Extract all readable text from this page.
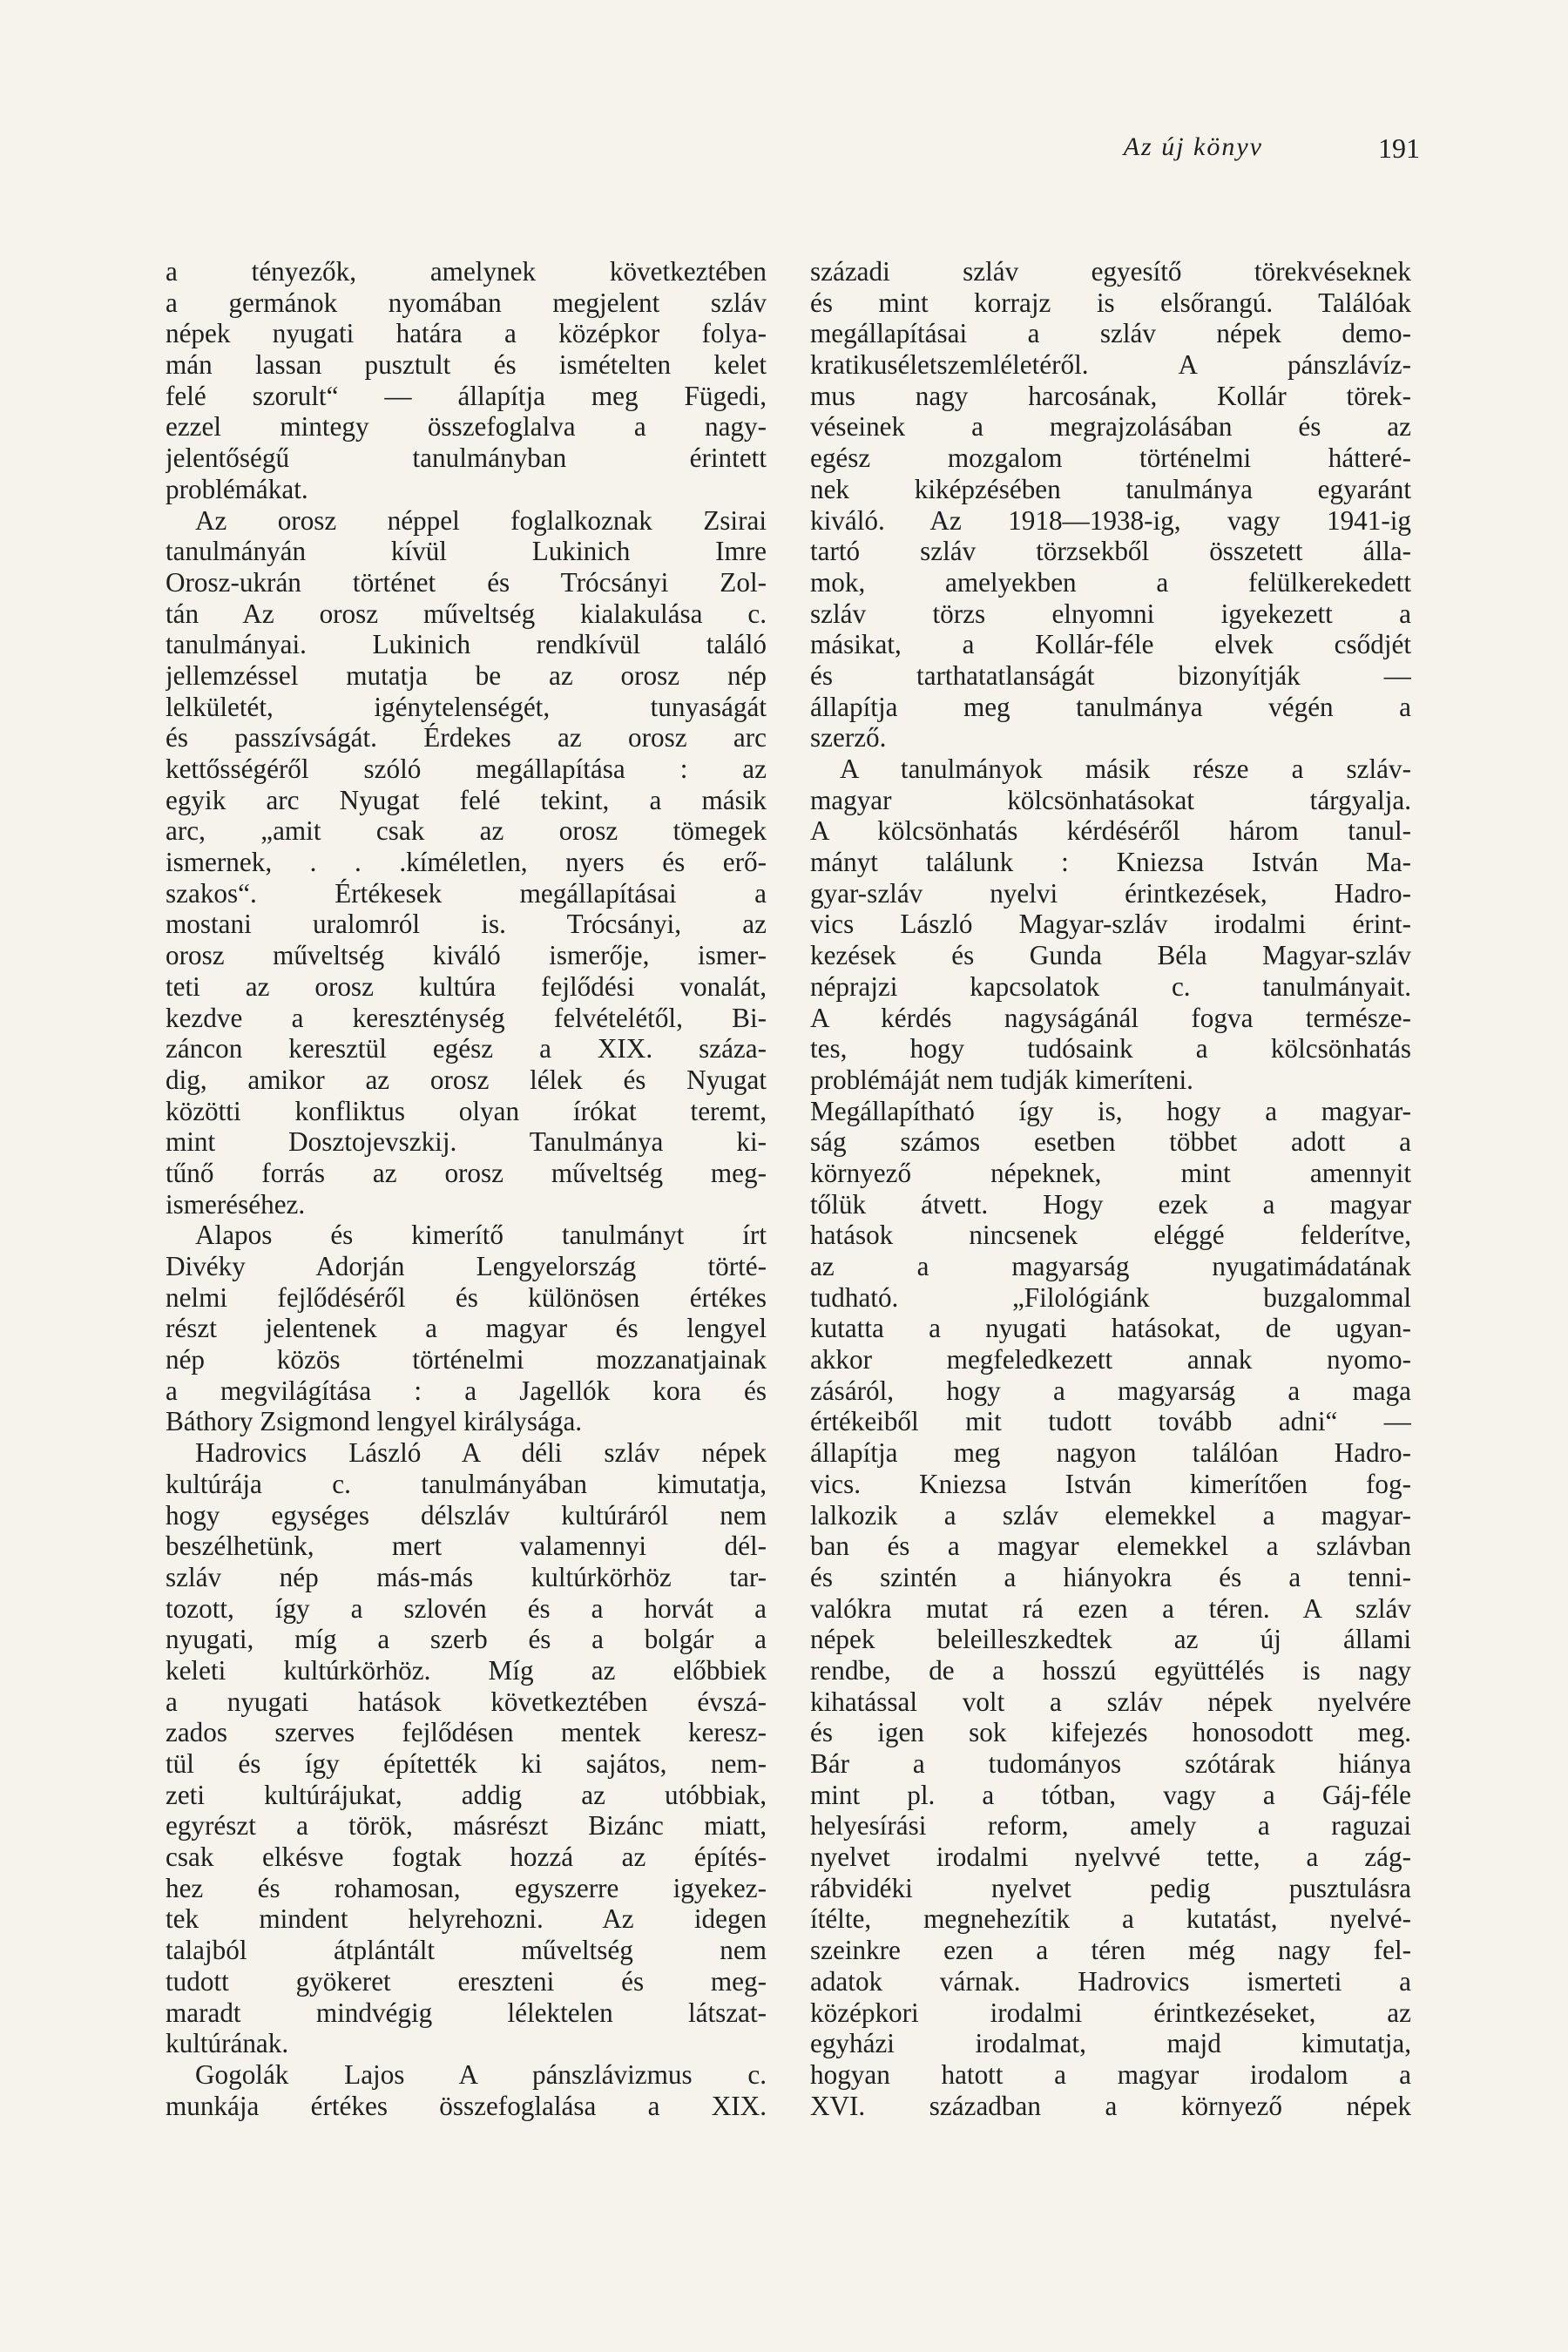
Az új könyv	191
a tényezők, amelynek következtében
a germánok nyomában megjelent szláv
népek nyugati határa a középkor folya-
mán lassan pusztult és ismételten kelet
felé szorult“ — állapítja meg Fügedi,
ezzel mintegy összefoglalva a nagy-
jelentőségű tanulmányban érintett
problémákat.
Az orosz néppel foglalkoznak Zsirai
tanulmányán kívül Lukinich Imre
Orosz-ukrán történet és Trócsányi Zol-
tán Az orosz műveltség kialakulása c.
tanulmányai. Lukinich rendkívül találó
jellemzéssel mutatja be az orosz nép
lelkületét, igénytelenségét, tunyaságát
és passzívságát. Érdekes az orosz arc
kettősségéről szóló megállapítása : az
egyik arc Nyugat felé tekint, a másik
arc, „amit csak az orosz tömegek
ismernek, . . .kíméletlen, nyers és erő-
szakos“. Értékesek megállapításai a
mostani uralomról is. Trócsányi, az
orosz műveltség kiváló ismerője, ismer-
teti az orosz kultúra fejlődési vonalát,
kezdve a kereszténység felvételétől, Bi-
záncon keresztül egész a XIX. száza-
dig, amikor az orosz lélek és Nyugat
közötti konfliktus olyan írókat teremt,
mint Dosztojevszkij. Tanulmánya ki-
tűnő forrás az orosz műveltség meg-
ismeréséhez.
Alapos és kimerítő tanulmányt írt
Divéky Adorján Lengyelország törté-
nelmi fejlődéséről és különösen értékes
részt jelentenek a magyar és lengyel
nép közös történelmi mozzanatjainak
a megvilágítása : a Jagellók kora és
Báthory Zsigmond lengyel királysága.
Hadrovics László A déli szláv népek
kultúrája c. tanulmányában kimutatja,
hogy egységes délszláv kultúráról nem
beszélhetünk, mert valamennyi dél-
szláv nép más-más kultúrkörhöz tar-
tozott, így a szlovén és a horvát a
nyugati, míg a szerb és a bolgár a
keleti kultúrkörhöz. Míg az előbbiek
a nyugati hatások következtében évszá-
zados szerves fejlődésen mentek keresz-
tül és így építették ki sajátos, nem-
zeti kultúrájukat, addig az utóbbiak,
egyrészt a török, másrészt Bizánc miatt,
csak elkésve fogtak hozzá az építés-
hez és rohamosan, egyszerre igyekez-
tek mindent helyrehozni. Az idegen
talajból átplántált műveltség nem
tudott gyökeret ereszteni és meg-
maradt mindvégig lélektelen látszat-
kultúrának.
Gogolák Lajos A pánszlávizmus c.
munkája értékes összefoglalása a XIX.
századi szláv egyesítő törekvéseknek
és mint korrajz is elsőrangú. Találóak
megállapításai a szláv népek demo-
kratikuséletszemléletéről. A pánszlávíz-
mus nagy harcosának, Kollár törek-
véseinek a megrajzolásában és az
egész mozgalom történelmi hátteré-
nek kiképzésében tanulmánya egyaránt
kiváló. Az 1918—1938-ig, vagy 1941-ig
tartó szláv törzsekből összetett álla-
mok, amelyekben a felülkerekedett
szláv törzs elnyomni igyekezett a
másikat, a Kollár-féle elvek csődjét
és tarthatatlanságát bizonyítják —
állapítja meg tanulmánya végén a
szerző.
A tanulmányok másik része a szláv-
magyar kölcsönhatásokat tárgyalja.
A kölcsönhatás kérdéséről három tanul-
mányt találunk : Kniezsa István Ma-
gyar-szláv nyelvi érintkezések, Hadro-
vics László Magyar-szláv irodalmi érint-
kezések és Gunda Béla Magyar-szláv
néprajzi kapcsolatok c. tanulmányait.
A kérdés nagyságánál fogva természe-
tes, hogy tudósaink a kölcsönhatás
problémáját nem tudják kimeríteni.
Megállapítható így is, hogy a magyar-
ság számos esetben többet adott a
környező népeknek, mint amennyit
tőlük átvett. Hogy ezek a magyar
hatások nincsenek eléggé felderítve,
az a magyarság nyugatimádatának
tudható. „Filológiánk buzgalommal
kutatta a nyugati hatásokat, de ugyan-
akkor megfeledkezett annak nyomo-
zásáról, hogy a magyarság a maga
értékeiből mit tudott tovább adni“ —
állapítja meg nagyon találóan Hadro-
vics. Kniezsa István kimerítően fog-
lalkozik a szláv elemekkel a magyar-
ban és a magyar elemekkel a szlávban
és szintén a hiányokra és a tenni-
valókra mutat rá ezen a téren. A szláv
népek beleilleszkedtek az új állami
rendbe, de a hosszú együttélés is nagy
kihatással volt a szláv népek nyelvére
és igen sok kifejezés honosodott meg.
Bár a tudományos szótárak hiánya
mint pl. a tótban, vagy a Gáj-féle
helyesírási reform, amely a raguzai
nyelvet irodalmi nyelvvé tette, a zág-
rábvidéki nyelvet pedig pusztulásra
ítélte, megnehezítik a kutatást, nyelvé-
szeinkre ezen a téren még nagy fel-
adatok várnak. Hadrovics ismerteti a
középkori irodalmi érintkezéseket, az
egyházi irodalmat, majd kimutatja,
hogyan hatott a magyar irodalom a
XVI. században a környező népek
